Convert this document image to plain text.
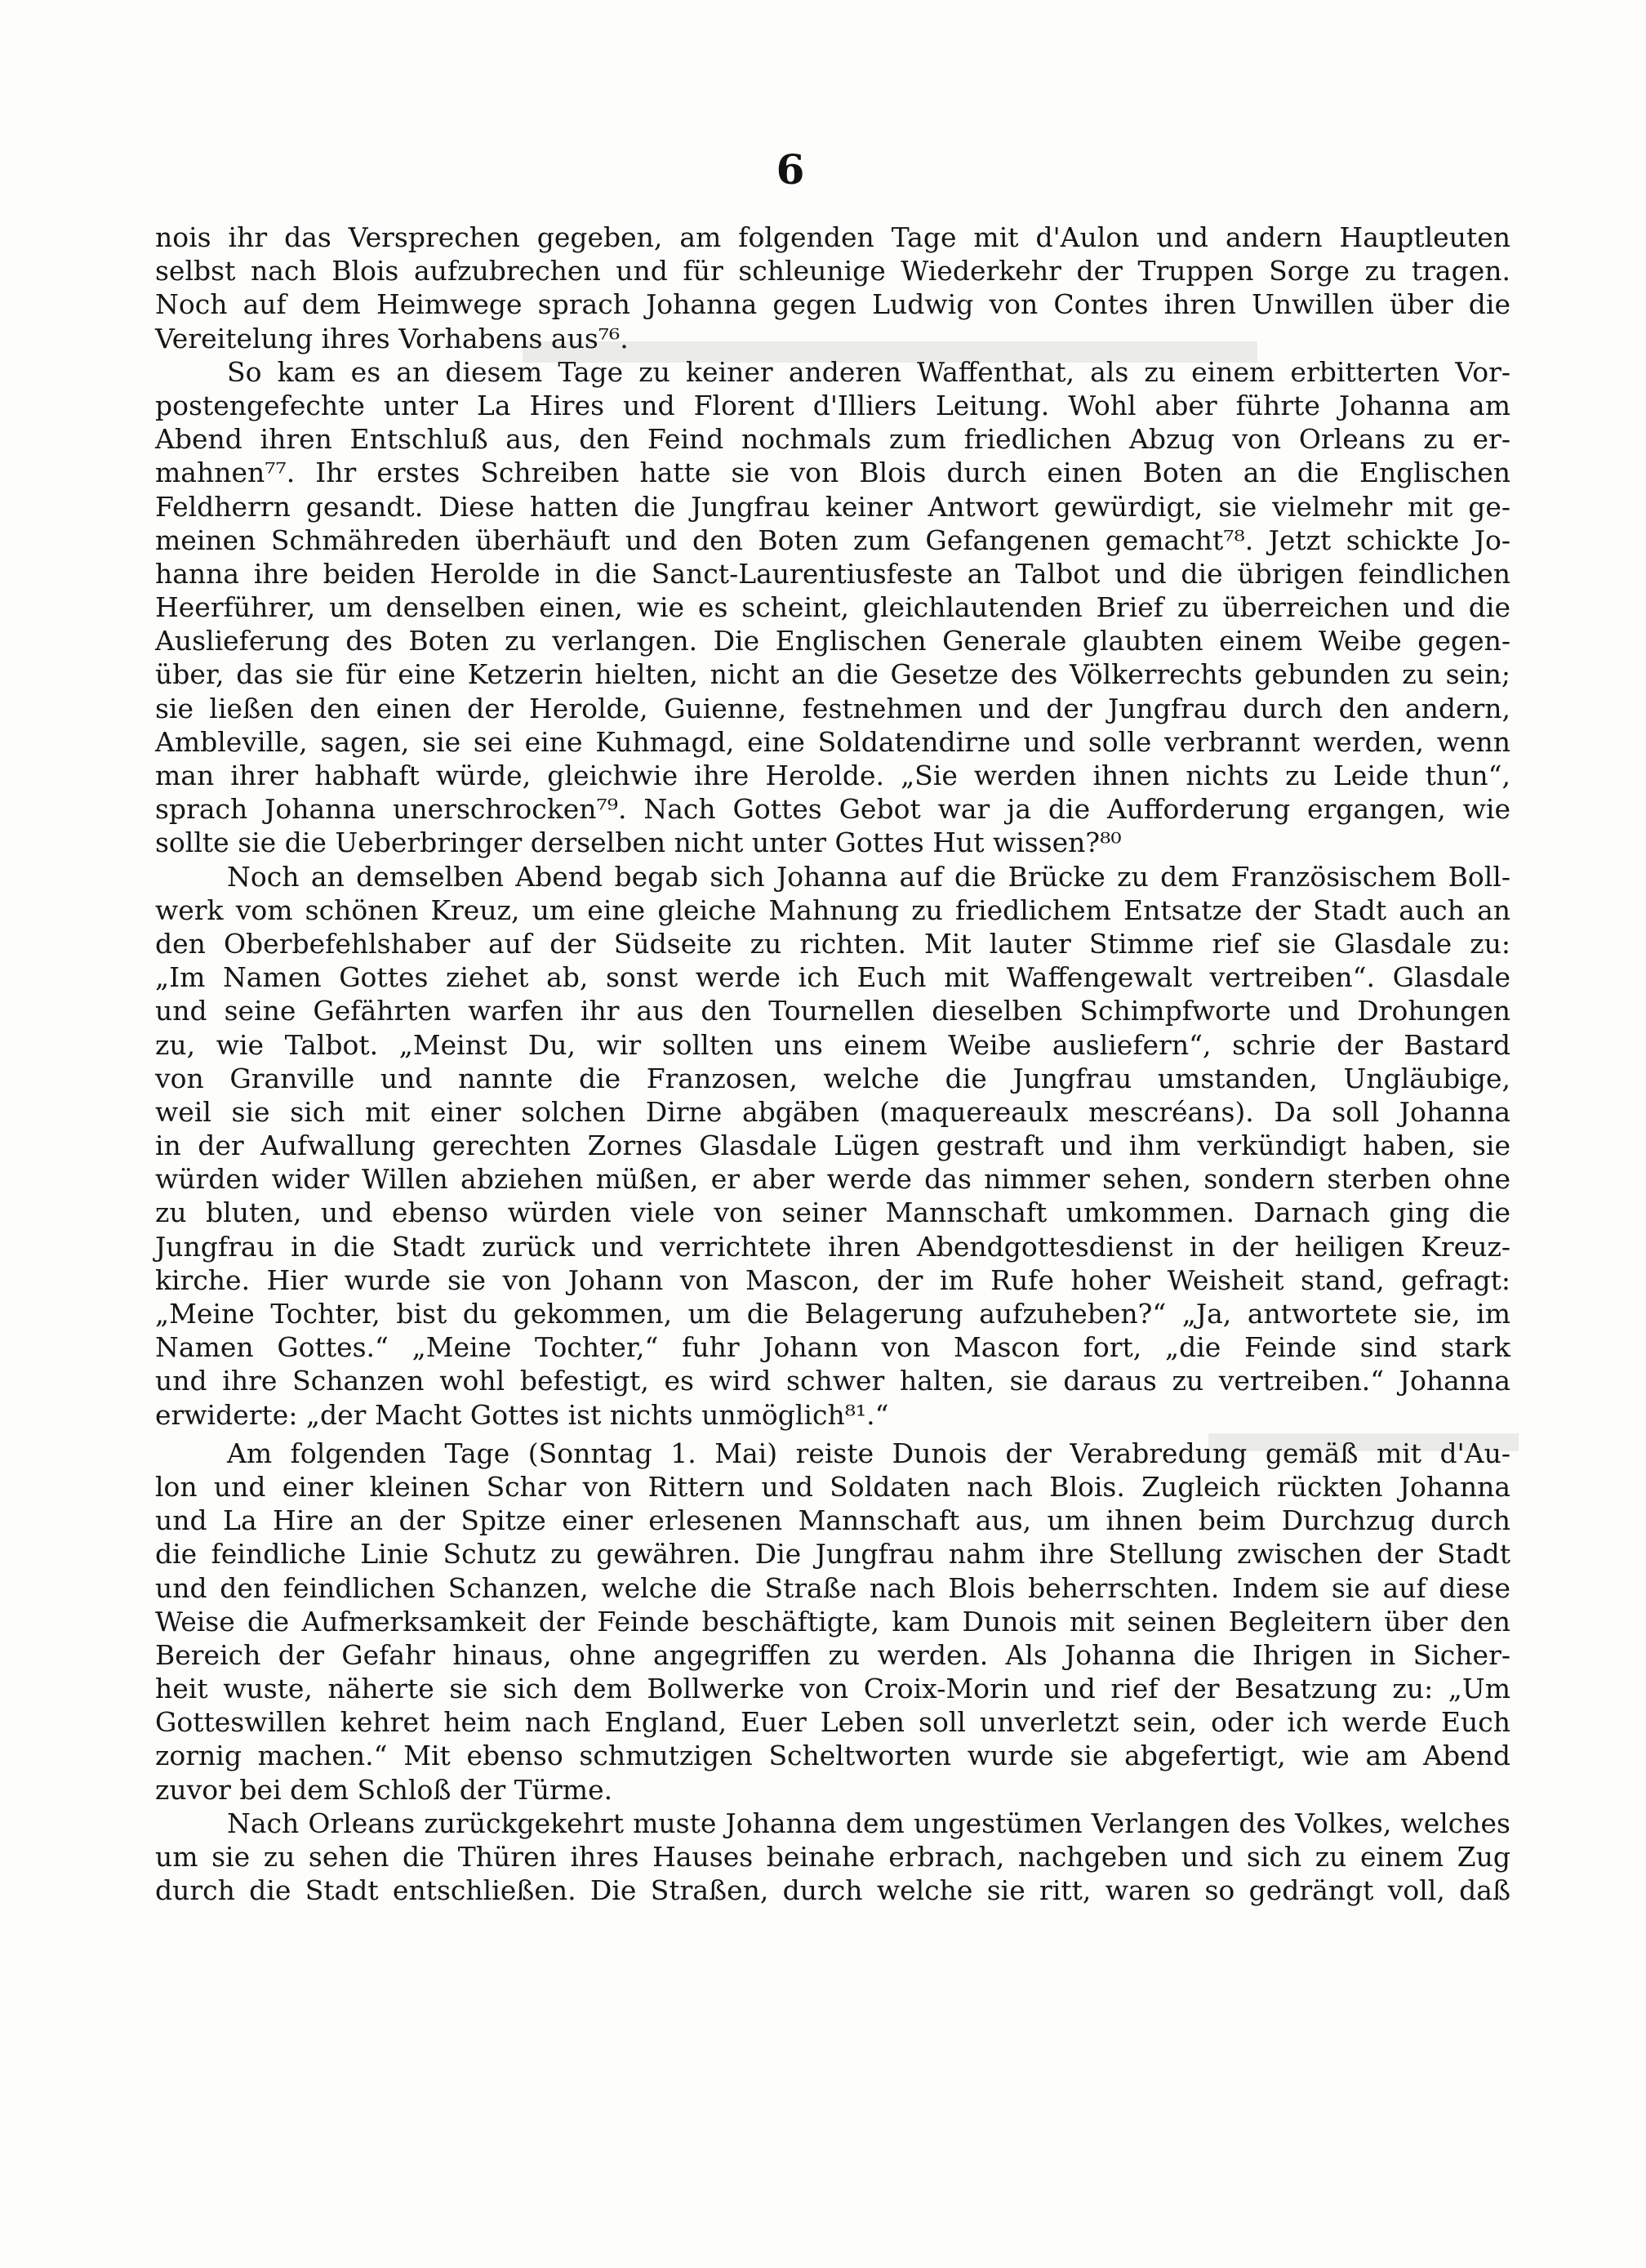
6
nois ihr das Versprechen gegeben, am folgenden Tage mit d'Aulon und andern Hauptleuten
selbst nach Blois aufzubrechen und für schleunige Wiederkehr der Truppen Sorge zu tragen.
Noch auf dem Heimwege sprach Johanna gegen Ludwig von Contes ihren Unwillen über die
Vereitelung ihres Vorhabens aus⁷⁶.
So kam es an diesem Tage zu keiner anderen Waffenthat, als zu einem erbitterten Vor-
postengefechte unter La Hires und Florent d'Illiers Leitung. Wohl aber führte Johanna am
Abend ihren Entschluß aus, den Feind nochmals zum friedlichen Abzug von Orleans zu er-
mahnen⁷⁷. Ihr erstes Schreiben hatte sie von Blois durch einen Boten an die Englischen
Feldherrn gesandt. Diese hatten die Jungfrau keiner Antwort gewürdigt, sie vielmehr mit ge-
meinen Schmähreden überhäuft und den Boten zum Gefangenen gemacht⁷⁸. Jetzt schickte Jo-
hanna ihre beiden Herolde in die Sanct-Laurentiusfeste an Talbot und die übrigen feindlichen
Heerführer, um denselben einen, wie es scheint, gleichlautenden Brief zu überreichen und die
Auslieferung des Boten zu verlangen. Die Englischen Generale glaubten einem Weibe gegen-
über, das sie für eine Ketzerin hielten, nicht an die Gesetze des Völkerrechts gebunden zu sein;
sie ließen den einen der Herolde, Guienne, festnehmen und der Jungfrau durch den andern,
Ambleville, sagen, sie sei eine Kuhmagd, eine Soldatendirne und solle verbrannt werden, wenn
man ihrer habhaft würde, gleichwie ihre Herolde. „Sie werden ihnen nichts zu Leide thun“,
sprach Johanna unerschrocken⁷⁹. Nach Gottes Gebot war ja die Aufforderung ergangen, wie
sollte sie die Ueberbringer derselben nicht unter Gottes Hut wissen?⁸⁰
Noch an demselben Abend begab sich Johanna auf die Brücke zu dem Französischem Boll-
werk vom schönen Kreuz, um eine gleiche Mahnung zu friedlichem Entsatze der Stadt auch an
den Oberbefehlshaber auf der Südseite zu richten. Mit lauter Stimme rief sie Glasdale zu:
„Im Namen Gottes ziehet ab, sonst werde ich Euch mit Waffengewalt vertreiben“. Glasdale
und seine Gefährten warfen ihr aus den Tournellen dieselben Schimpfworte und Drohungen
zu, wie Talbot. „Meinst Du, wir sollten uns einem Weibe ausliefern“, schrie der Bastard
von Granville und nannte die Franzosen, welche die Jungfrau umstanden, Ungläubige,
weil sie sich mit einer solchen Dirne abgäben (maquereaulx mescréans). Da soll Johanna
in der Aufwallung gerechten Zornes Glasdale Lügen gestraft und ihm verkündigt haben, sie
würden wider Willen abziehen müßen, er aber werde das nimmer sehen, sondern sterben ohne
zu bluten, und ebenso würden viele von seiner Mannschaft umkommen. Darnach ging die
Jungfrau in die Stadt zurück und verrichtete ihren Abendgottesdienst in der heiligen Kreuz-
kirche. Hier wurde sie von Johann von Mascon, der im Rufe hoher Weisheit stand, gefragt:
„Meine Tochter, bist du gekommen, um die Belagerung aufzuheben?“ „Ja, antwortete sie, im
Namen Gottes.“ „Meine Tochter,“ fuhr Johann von Mascon fort, „die Feinde sind stark
und ihre Schanzen wohl befestigt, es wird schwer halten, sie daraus zu vertreiben.“ Johanna
erwiderte: „der Macht Gottes ist nichts unmöglich⁸¹.“
Am folgenden Tage (Sonntag 1. Mai) reiste Dunois der Verabredung gemäß mit d'Au-
lon und einer kleinen Schar von Rittern und Soldaten nach Blois. Zugleich rückten Johanna
und La Hire an der Spitze einer erlesenen Mannschaft aus, um ihnen beim Durchzug durch
die feindliche Linie Schutz zu gewähren. Die Jungfrau nahm ihre Stellung zwischen der Stadt
und den feindlichen Schanzen, welche die Straße nach Blois beherrschten. Indem sie auf diese
Weise die Aufmerksamkeit der Feinde beschäftigte, kam Dunois mit seinen Begleitern über den
Bereich der Gefahr hinaus, ohne angegriffen zu werden. Als Johanna die Ihrigen in Sicher-
heit wuste, näherte sie sich dem Bollwerke von Croix-Morin und rief der Besatzung zu: „Um
Gotteswillen kehret heim nach England, Euer Leben soll unverletzt sein, oder ich werde Euch
zornig machen.“ Mit ebenso schmutzigen Scheltworten wurde sie abgefertigt, wie am Abend
zuvor bei dem Schloß der Türme.
Nach Orleans zurückgekehrt muste Johanna dem ungestümen Verlangen des Volkes, welches
um sie zu sehen die Thüren ihres Hauses beinahe erbrach, nachgeben und sich zu einem Zug
durch die Stadt entschließen. Die Straßen, durch welche sie ritt, waren so gedrängt voll, daß
